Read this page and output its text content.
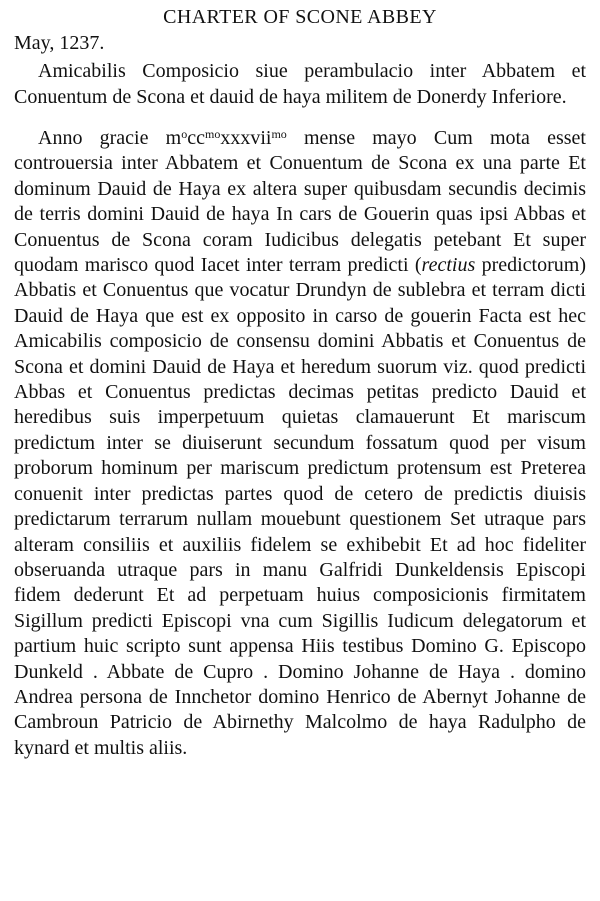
CHARTER OF SCONE ABBEY

May, 1237.

Amicabilis Composicio siue perambulacio inter Abbatem et Conuentum de Scona et dauid de haya militem de Donerdy Inferiore.

Anno gracie $m^occ^{mo}xxxvii^{mo}$ mense mayo Cum mota esset controuersia inter Abbatem et Conuentum de Scona ex una parte Et dominum Dauid de Haya ex altera super quibusdam secundis decimis de terris domini Dauid de haya In cars de Gouerin quas ipsi Abbas et Conuentus de Scona coram Iudicibus delegatis petebant Et super quodam marisco quod Iacet inter terram predicti (rectius predictorum) Abbatis et Conuentus que vocatur Drundyn de sublebra et terram dicti Dauid de Haya que est ex opposito in carso de gouerin Facta est hec Amicabilis composicio de consensu domini Abbatis et Conuentus de Scona et domini Dauid de Haya et heredum suorum viz. quod predicti Abbas et Conuentus predictas decimas petitas predicto Dauid et heredibus suis imperpetuum quietas clamauerunt Et mariscum predictum inter se diuiserunt secundum fossatum quod per visum proborum hominum per mariscum predictum protensum est Preterea conuenit inter predictas partes quod de cetero de predictis diuisis predictarum terrarum nullam mouebunt questionem Set utraque pars alteram consiliis et auxiliis fidelem se exhibebit Et ad hoc fideliter obseruanda utraque pars in manu Galfridi Dunkeldensis Episcopi fidem dederunt Et ad perpetuam huius composicionis firmitatem Sigillum predicti Episcopi vna cum Sigillis Iudicum delegatorum et partium huic scripto sunt appensa Hiis testibus Domino G. Episcopo Dunkeld . Abbate de Cupro . Domino Johanne de Haya . domino Andrea persona de Innchetor domino Henrico de Abernyt Johanne de Cambroun Patricio de Abirnethy Malcolmo de haya Radulpho de kynard et multis aliis.
